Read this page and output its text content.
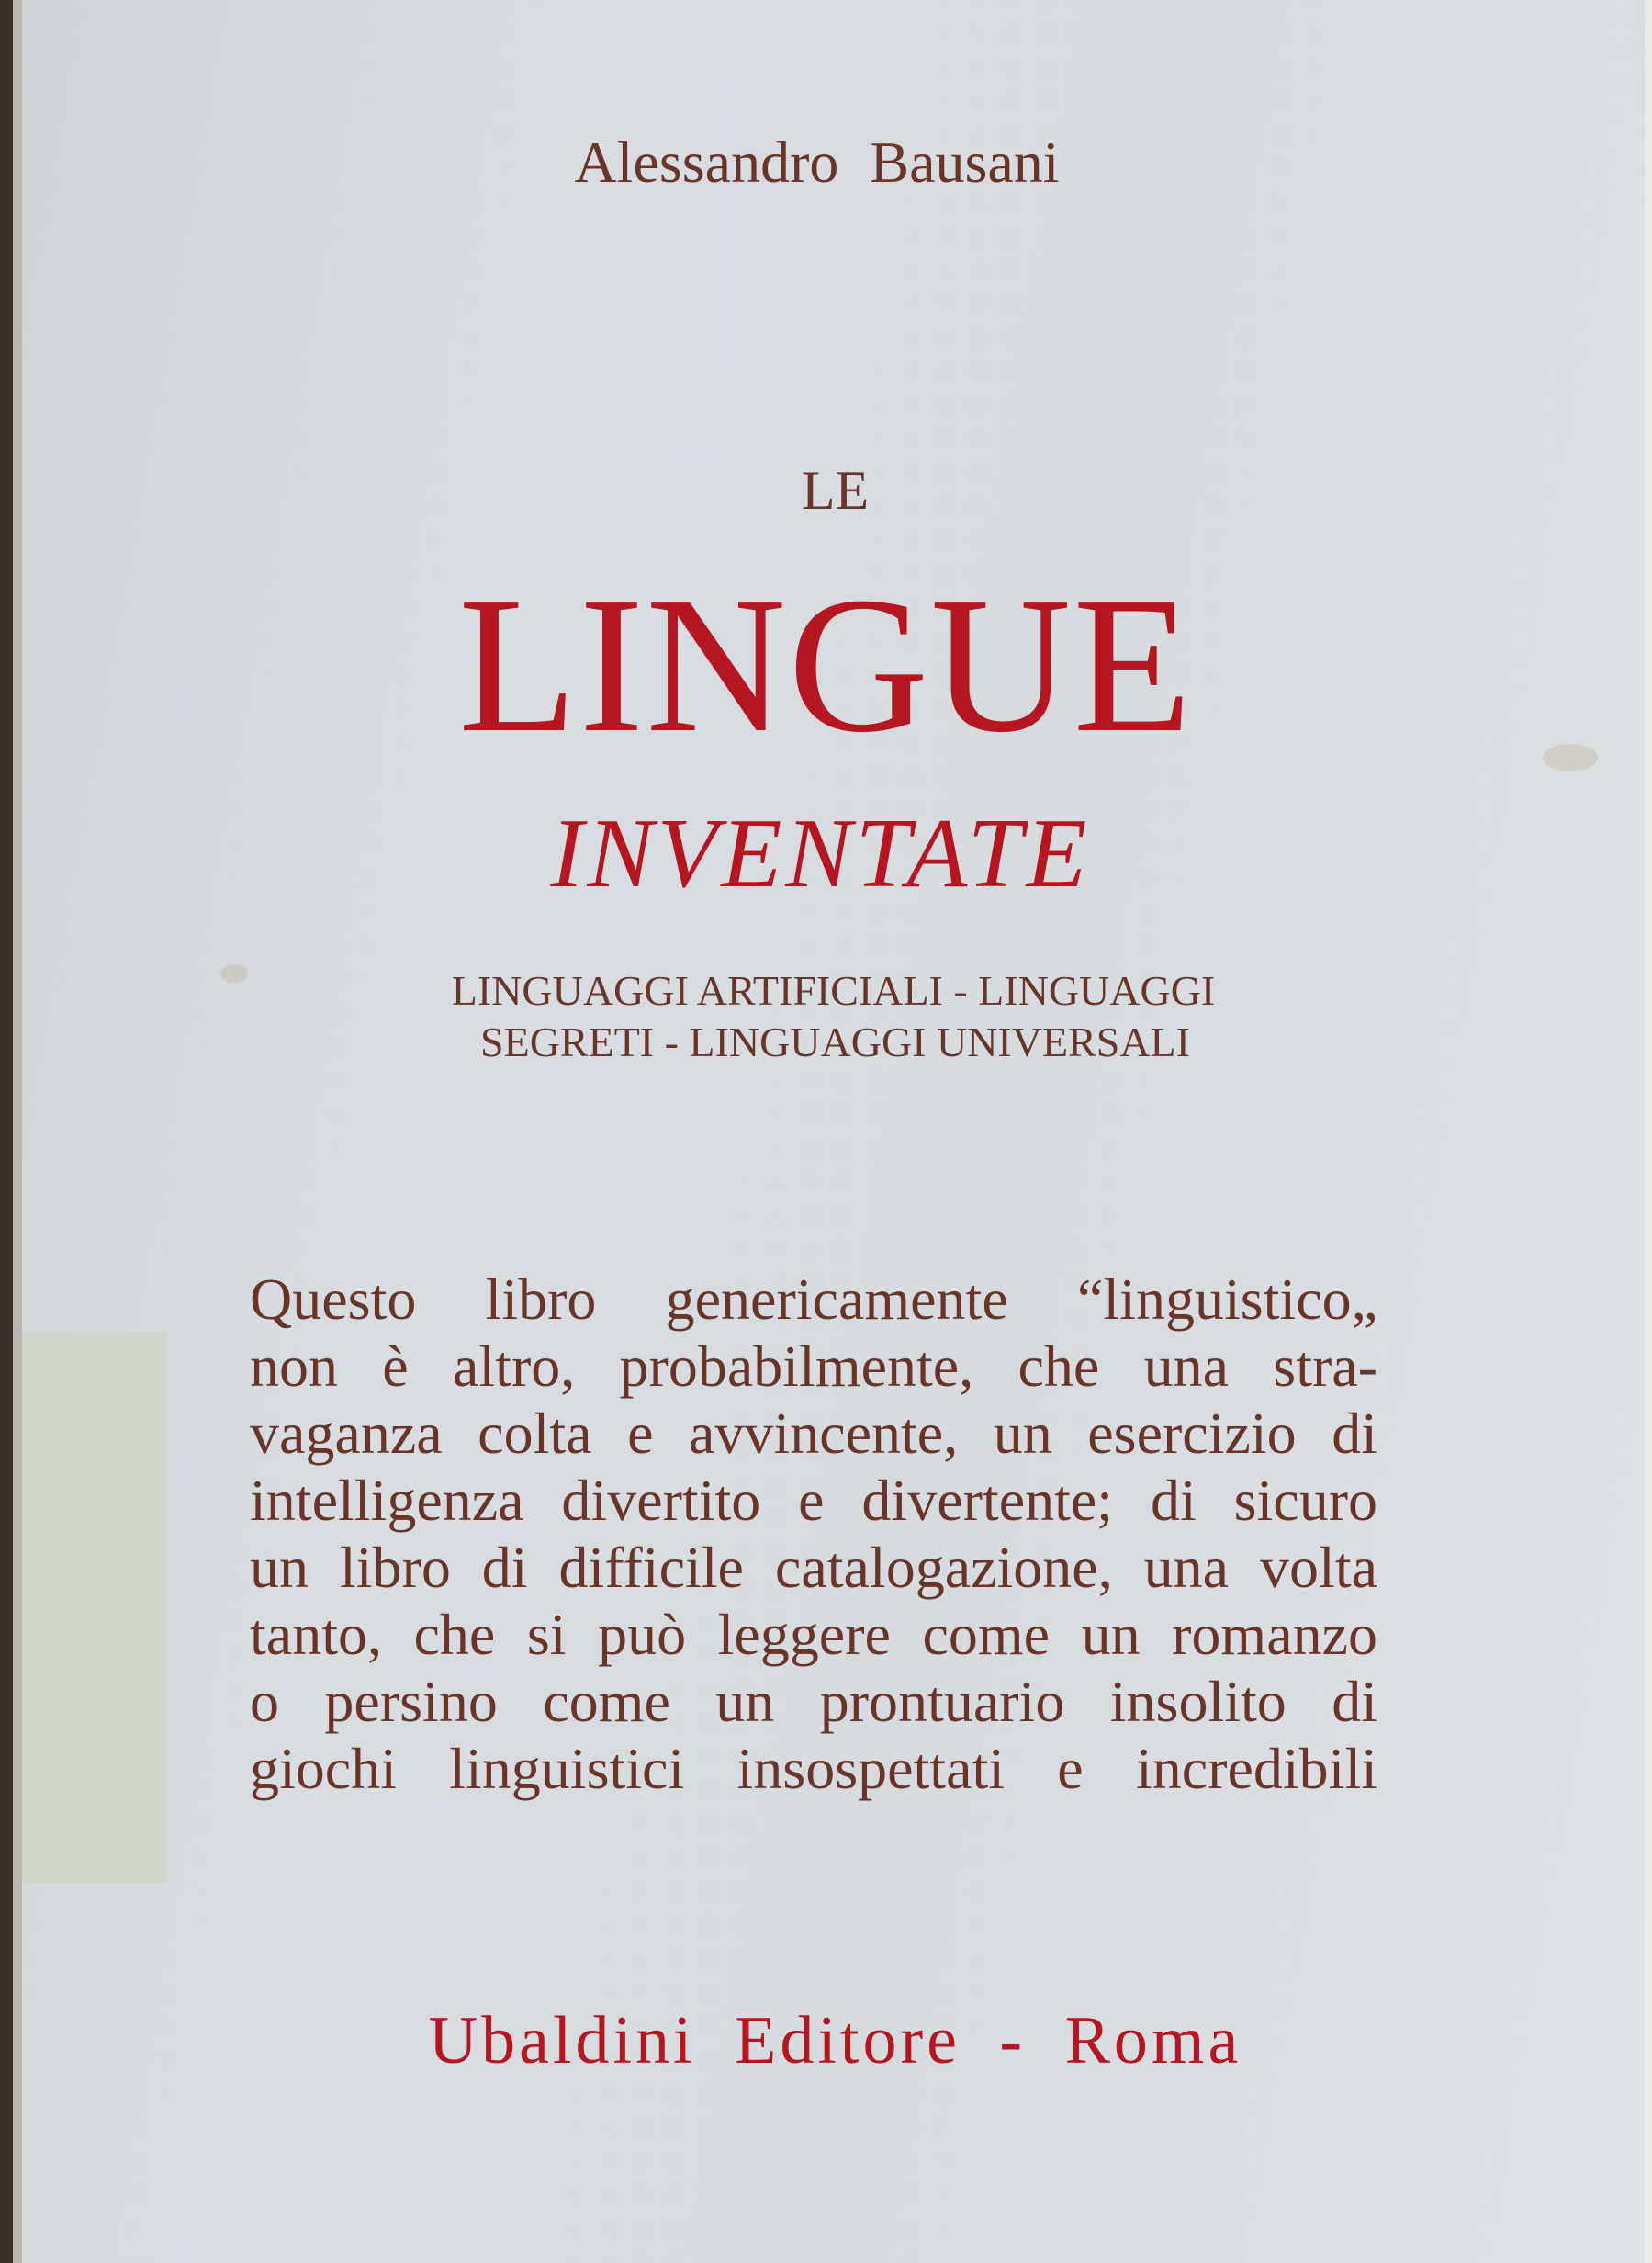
Alessandro Bausani
LE
LINGUE
INVENTATE
LINGUAGGI ARTIFICIALI - LINGUAGGI
SEGRETI - LINGUAGGI UNIVERSALI
Questo libro genericamente “linguistico„
non è altro, probabilmente, che una stra-
vaganza colta e avvincente, un esercizio di
intelligenza divertito e divertente; di sicuro
un libro di difficile catalogazione, una volta
tanto, che si può leggere come un romanzo
o persino come un prontuario insolito di
giochi linguistici insospettati e incredibili
Ubaldini Editore - Roma
